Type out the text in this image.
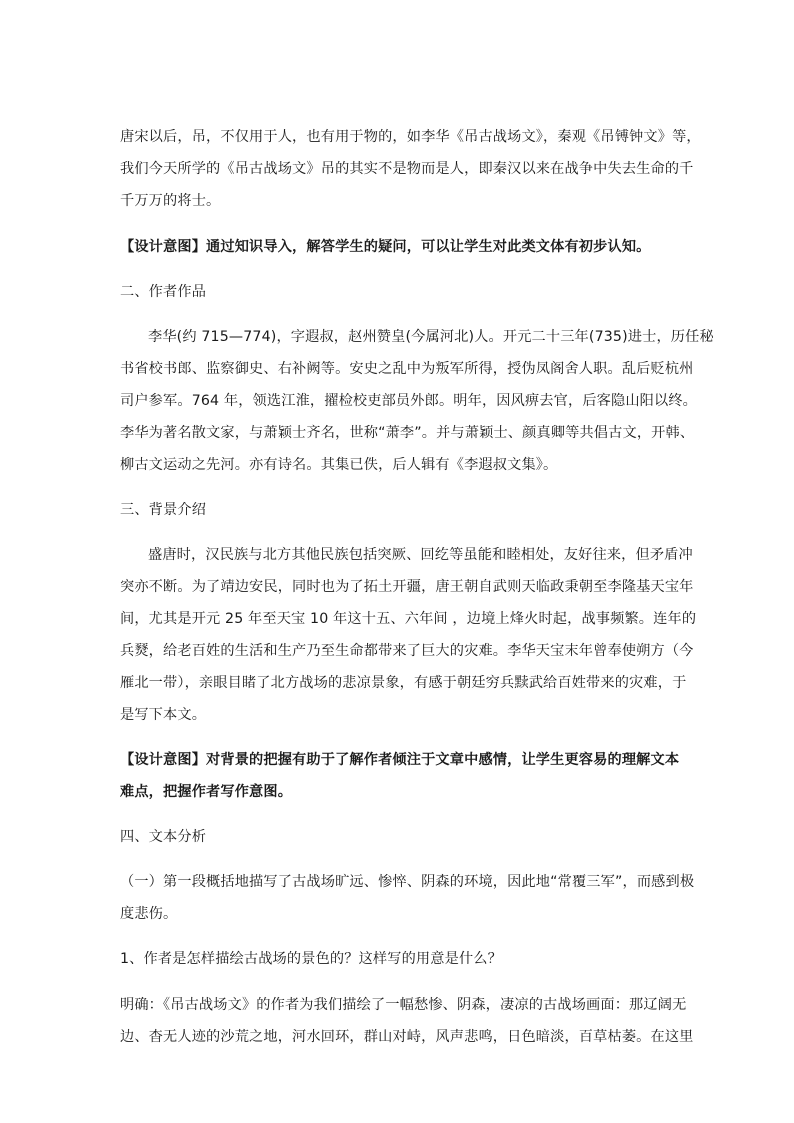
唐宋以后，吊，不仅用于人，也有用于物的，如李华《吊古战场文》，秦观《吊镈钟文》等，
我们今天所学的《吊古战场文》吊的其实不是物而是人，即秦汉以来在战争中失去生命的千
千万万的将士。
【设计意图】通过知识导入，解答学生的疑问，可以让学生对此类文体有初步认知。
二、作者作品
李华(约 715—774)，字遐叔，赵州赞皇(今属河北)人。开元二十三年(735)进士，历任秘
书省校书郎、监察御史、右补阙等。安史之乱中为叛军所得，授伪凤阁舍人职。乱后贬杭州
司户参军。764 年，领选江淮，擢检校吏部员外郎。明年，因风痹去官，后客隐山阳以终。
李华为著名散文家，与萧颖士齐名，世称“萧李”。并与萧颖士、颜真卿等共倡古文，开韩、
柳古文运动之先河。亦有诗名。其集已佚，后人辑有《李遐叔文集》。
三、背景介绍
盛唐时，汉民族与北方其他民族包括突厥、回纥等虽能和睦相处，友好往来，但矛盾冲
突亦不断。为了靖边安民，同时也为了拓土开疆，唐王朝自武则天临政秉朝至李隆基天宝年
间，尤其是开元 25 年至天宝 10 年这十五、六年间 ，边境上烽火时起，战事频繁。连年的
兵燹，给老百姓的生活和生产乃至生命都带来了巨大的灾难。李华天宝末年曾奉使朔方（今
雁北一带），亲眼目睹了北方战场的悲凉景象，有感于朝廷穷兵黩武给百姓带来的灾难，于
是写下本文。
【设计意图】对背景的把握有助于了解作者倾注于文章中感情，让学生更容易的理解文本
难点，把握作者写作意图。
四、文本分析
（一）第一段概括地描写了古战场旷远、惨悴、阴森的环境，因此地“常覆三军”，而感到极
度悲伤。
1、作者是怎样描绘古战场的景色的？这样写的用意是什么？
明确：《吊古战场文》的作者为我们描绘了一幅愁惨、阴森，凄凉的古战场画面：那辽阔无
边、杳无人迹的沙荒之地，河水回环，群山对峙，风声悲鸣，日色暗淡，百草枯萎。在这里
